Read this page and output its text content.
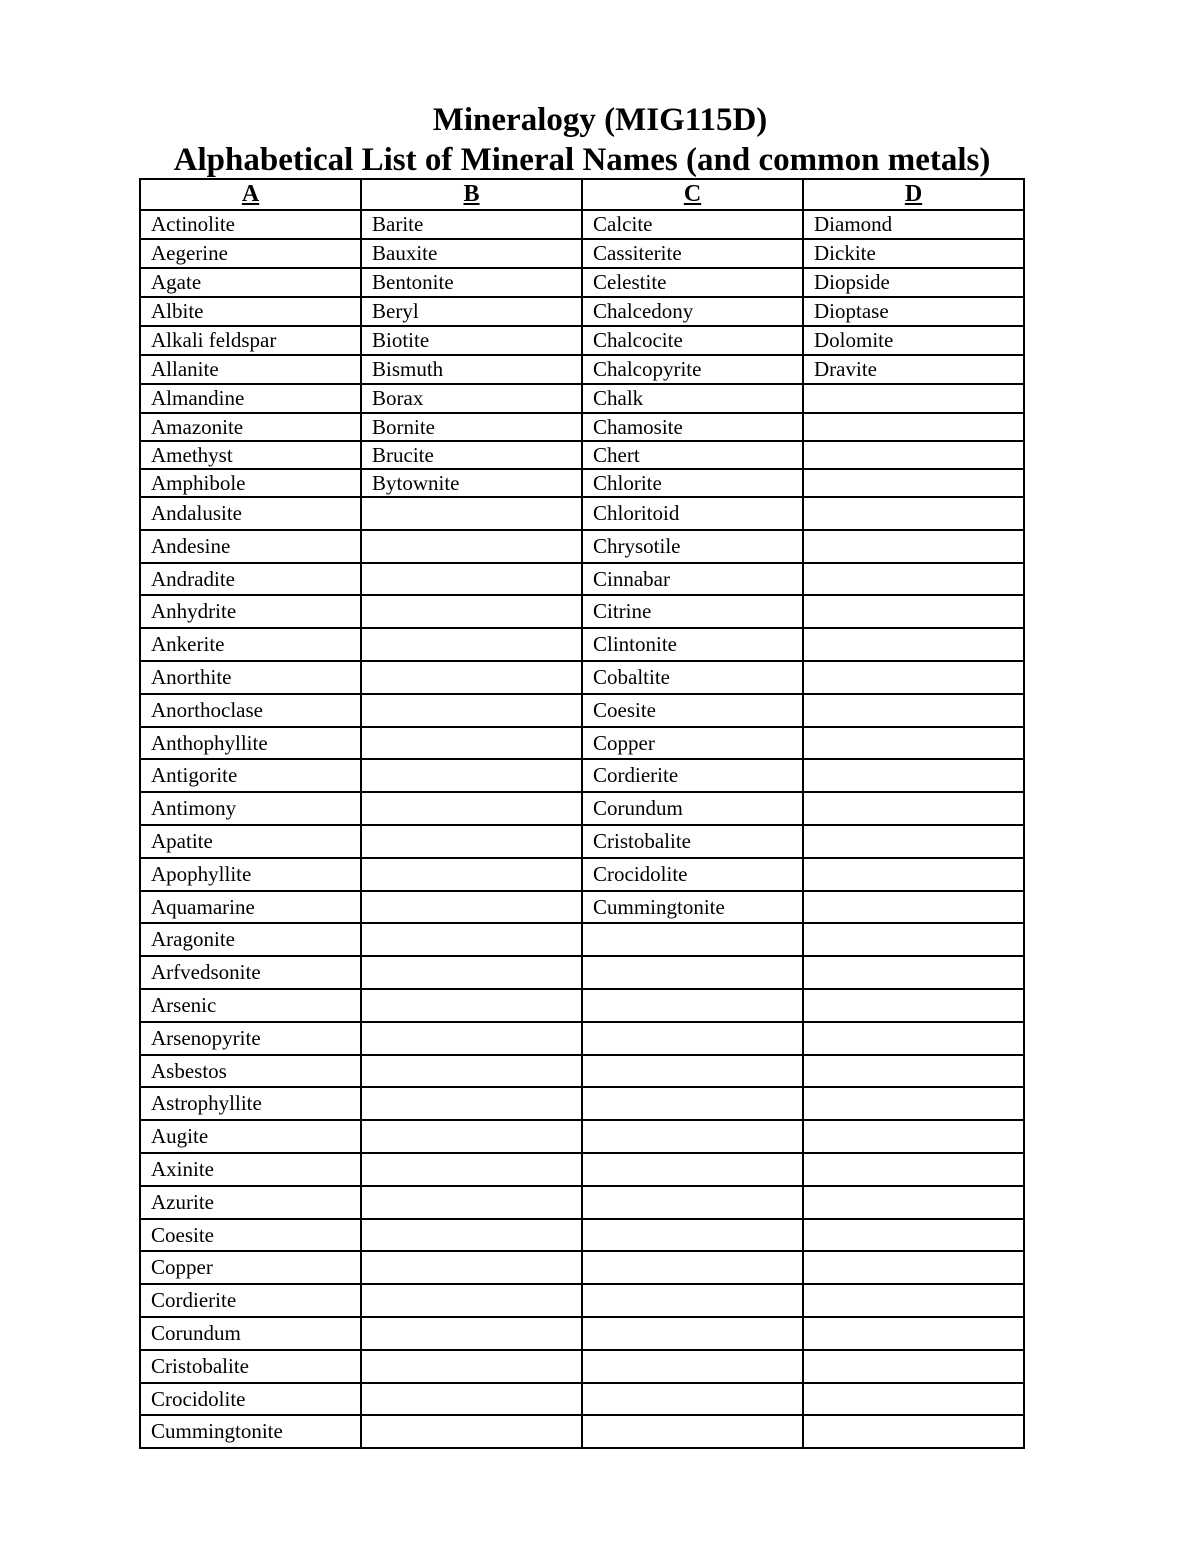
Mineralogy (MIG115D)
Alphabetical List of Mineral Names (and common metals)
A	B	C	D
Actinolite	Barite	Calcite	Diamond
Aegerine	Bauxite	Cassiterite	Dickite
Agate	Bentonite	Celestite	Diopside
Albite	Beryl	Chalcedony	Dioptase
Alkali feldspar	Biotite	Chalcocite	Dolomite
Allanite	Bismuth	Chalcopyrite	Dravite
Almandine	Borax	Chalk	
Amazonite	Bornite	Chamosite	
Amethyst	Brucite	Chert	
Amphibole	Bytownite	Chlorite	
Andalusite		Chloritoid	
Andesine		Chrysotile	
Andradite		Cinnabar	
Anhydrite		Citrine	
Ankerite		Clintonite	
Anorthite		Cobaltite	
Anorthoclase		Coesite	
Anthophyllite		Copper	
Antigorite		Cordierite	
Antimony		Corundum	
Apatite		Cristobalite	
Apophyllite		Crocidolite	
Aquamarine		Cummingtonite	
Aragonite			
Arfvedsonite			
Arsenic			
Arsenopyrite			
Asbestos			
Astrophyllite			
Augite			
Axinite			
Azurite			
Coesite			
Copper			
Cordierite			
Corundum			
Cristobalite			
Crocidolite			
Cummingtonite			
